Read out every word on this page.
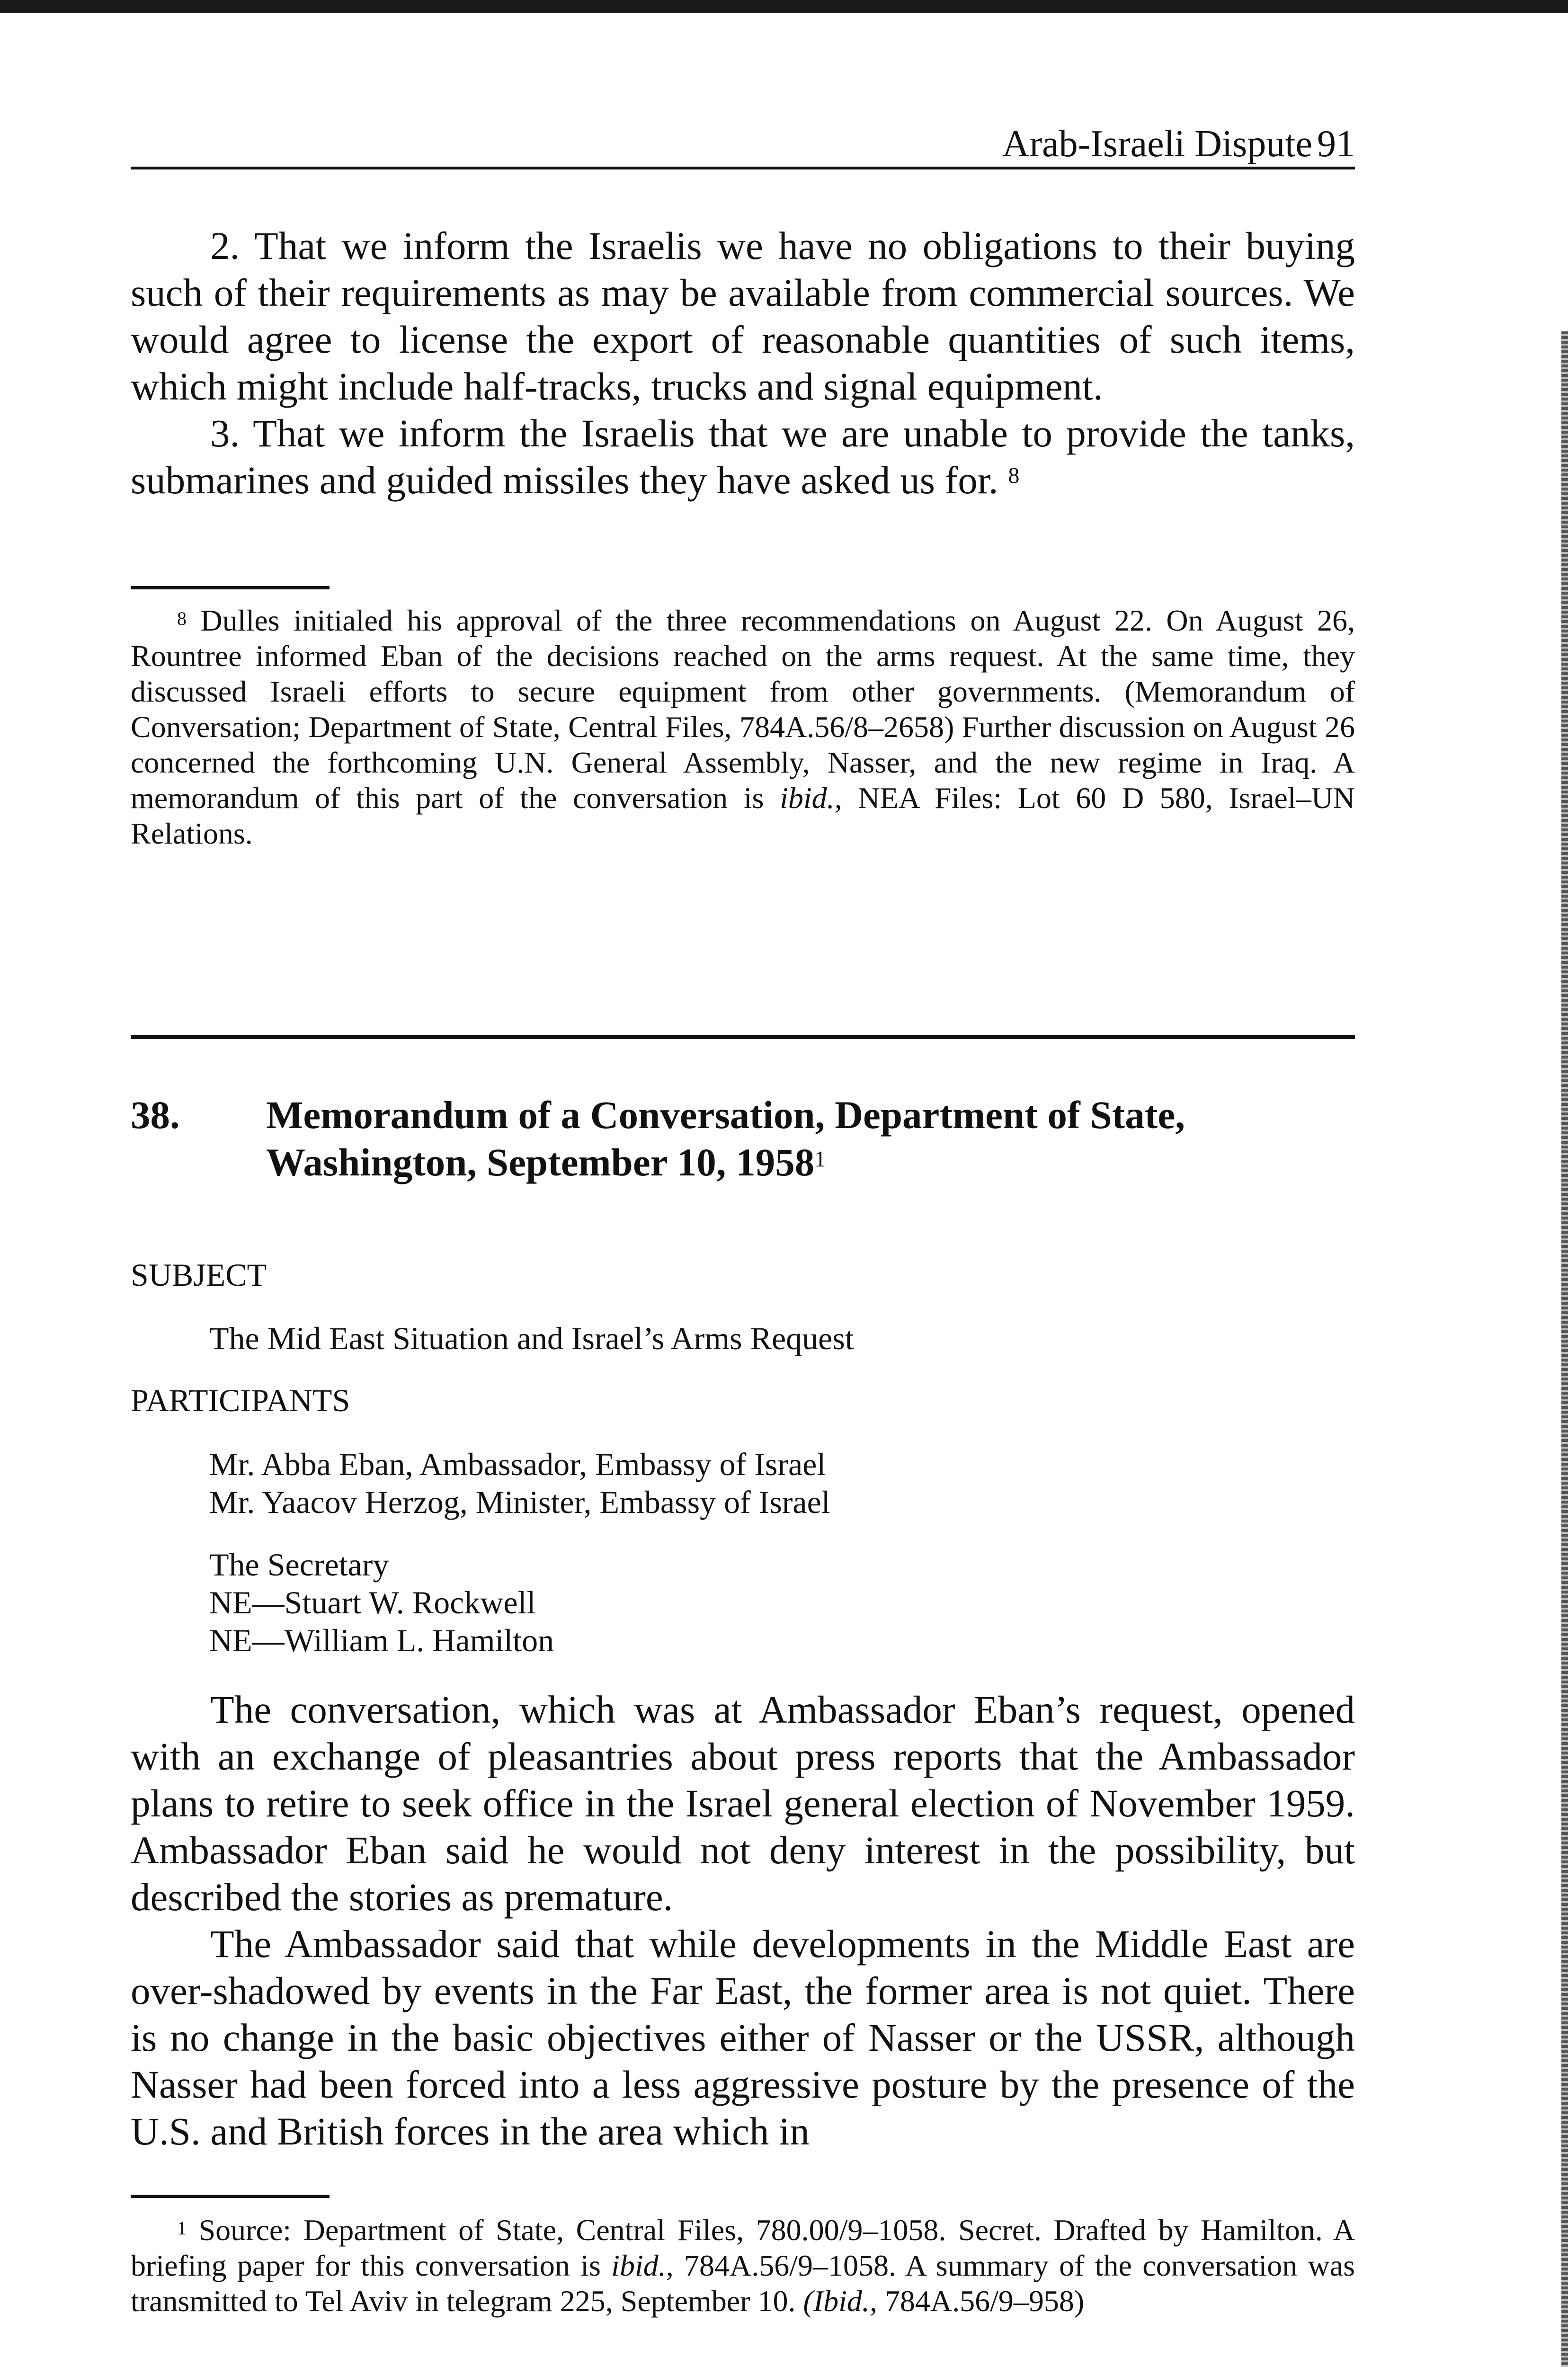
Arab-Israeli Dispute 91

2. That we inform the Israelis we have no obligations to their buying such of their requirements as may be available from commercial sources. We would agree to license the export of reasonable quantities of such items, which might include half-tracks, trucks and signal equipment.

3. That we inform the Israelis that we are unable to provide the tanks, submarines and guided missiles they have asked us for. $^8$

$^8$ Dulles initialed his approval of the three recommendations on August 22. On August 26, Rountree informed Eban of the decisions reached on the arms request. At the same time, they discussed Israeli efforts to secure equipment from other governments. (Memorandum of Conversation; Department of State, Central Files, 784A.56/8–2658) Further discussion on August 26 concerned the forthcoming U.N. General Assembly, Nasser, and the new regime in Iraq. A memorandum of this part of the conversation is ibid., NEA Files: Lot 60 D 580, Israel–UN Relations.

38. Memorandum of a Conversation, Department of State,
Washington, September 10, 1958$^1$
SUBJECT
The Mid East Situation and Israel’s Arms Request
PARTICIPANTS
Mr. Abba Eban, Ambassador, Embassy of Israel
Mr. Yaacov Herzog, Minister, Embassy of Israel
The Secretary
NE—Stuart W. Rockwell
NE—William L. Hamilton

The conversation, which was at Ambassador Eban’s request, opened with an exchange of pleasantries about press reports that the Ambassador plans to retire to seek office in the Israel general election of November 1959. Ambassador Eban said he would not deny interest in the possibility, but described the stories as premature.

The Ambassador said that while developments in the Middle East are over-shadowed by events in the Far East, the former area is not quiet. There is no change in the basic objectives either of Nasser or the USSR, although Nasser had been forced into a less aggressive posture by the presence of the U.S. and British forces in the area which in

$^1$ Source: Department of State, Central Files, 780.00/9–1058. Secret. Drafted by Hamilton. A briefing paper for this conversation is ibid., 784A.56/9–1058. A summary of the conversation was transmitted to Tel Aviv in telegram 225, September 10. (Ibid., 784A.56/9–958)
